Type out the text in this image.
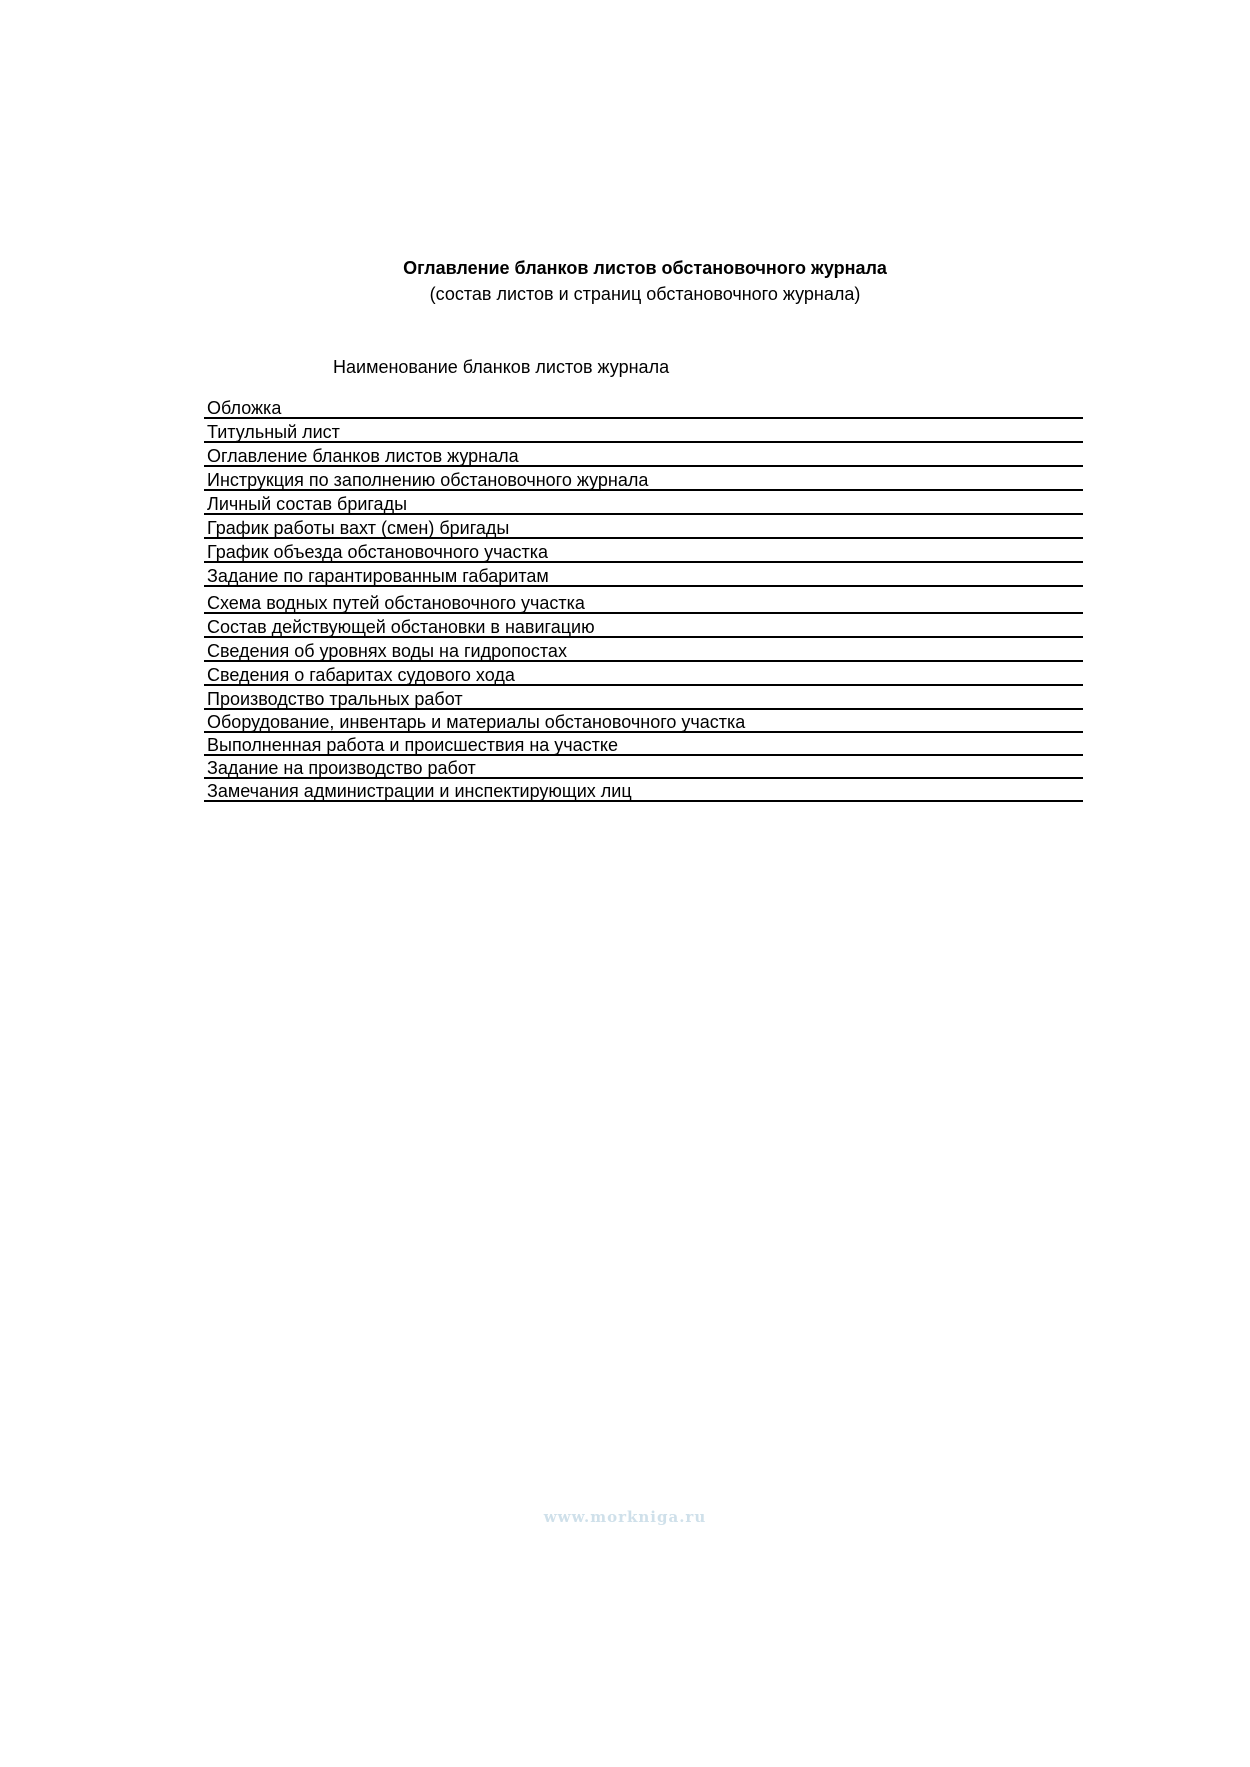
Оглавление бланков листов обстановочного журнала
(состав листов и страниц обстановочного журнала)
Наименование бланков листов журнала
Обложка
Титульный лист
Оглавление бланков листов журнала
Инструкция по заполнению обстановочного журнала
Личный состав бригады
График работы вахт (смен) бригады
График объезда обстановочного участка
Задание по гарантированным габаритам
Схема водных путей обстановочного участка
Состав действующей обстановки в навигацию
Сведения об уровнях воды на гидропостах
Сведения о габаритах судового хода
Производство тральных работ
Оборудование, инвентарь и материалы обстановочного участка
Выполненная работа и происшествия на участке
Задание на производство работ
Замечания администрации и инспектирующих лиц
www.morkniga.ru
